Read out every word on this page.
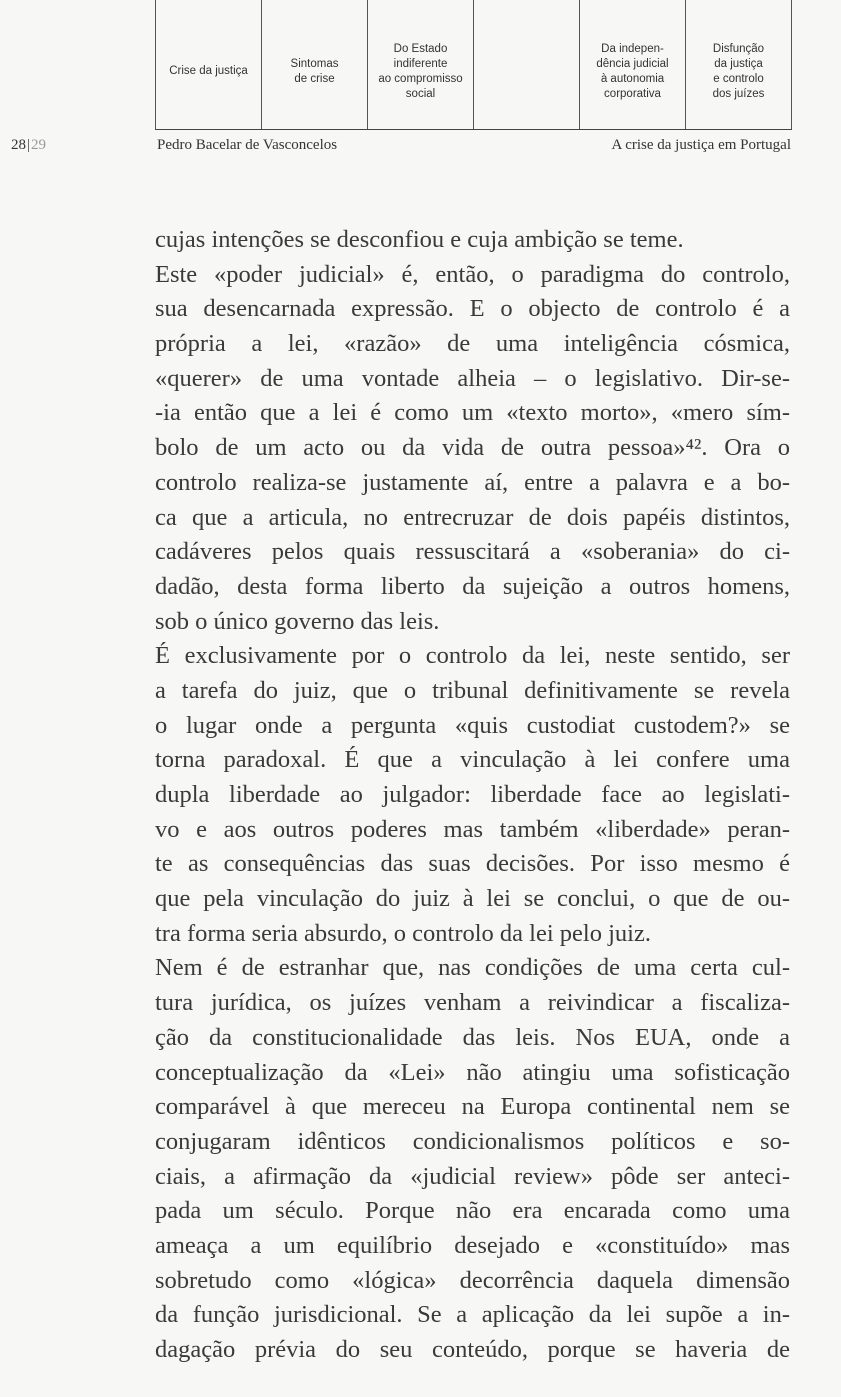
Crise da justiça
Sintomas
de crise
Do Estado
indiferente
ao compromisso
social
Da indepen-
dência judicial
à autonomia
corporativa
Disfunção
da justiça
e controlo
dos juízes
28|29	Pedro Bacelar de Vasconcelos	A crise da justiça em Portugal
cujas intenções se desconfiou e cuja ambição se teme.
Este «poder judicial» é, então, o paradigma do controlo,
sua desencarnada expressão. E o objecto de controlo é a
própria a lei, «razão» de uma inteligência cósmica,
«querer» de uma vontade alheia – o legislativo. Dir-se-
-ia então que a lei é como um «texto morto», «mero sím-
bolo de um acto ou da vida de outra pessoa»⁴². Ora o
controlo realiza-se justamente aí, entre a palavra e a bo-
ca que a articula, no entrecruzar de dois papéis distintos,
cadáveres pelos quais ressuscitará a «soberania» do ci-
dadão, desta forma liberto da sujeição a outros homens,
sob o único governo das leis.
É exclusivamente por o controlo da lei, neste sentido, ser
a tarefa do juiz, que o tribunal definitivamente se revela
o lugar onde a pergunta «quis custodiat custodem?» se
torna paradoxal. É que a vinculação à lei confere uma
dupla liberdade ao julgador: liberdade face ao legislati-
vo e aos outros poderes mas também «liberdade» peran-
te as consequências das suas decisões. Por isso mesmo é
que pela vinculação do juiz à lei se conclui, o que de ou-
tra forma seria absurdo, o controlo da lei pelo juiz.
Nem é de estranhar que, nas condições de uma certa cul-
tura jurídica, os juízes venham a reivindicar a fiscaliza-
ção da constitucionalidade das leis. Nos EUA, onde a
conceptualização da «Lei» não atingiu uma sofisticação
comparável à que mereceu na Europa continental nem se
conjugaram idênticos condicionalismos políticos e so-
ciais, a afirmação da «judicial review» pôde ser anteci-
pada um século. Porque não era encarada como uma
ameaça a um equilíbrio desejado e «constituído» mas
sobretudo como «lógica» decorrência daquela dimensão
da função jurisdicional. Se a aplicação da lei supõe a in-
dagação prévia do seu conteúdo, porque se haveria de
